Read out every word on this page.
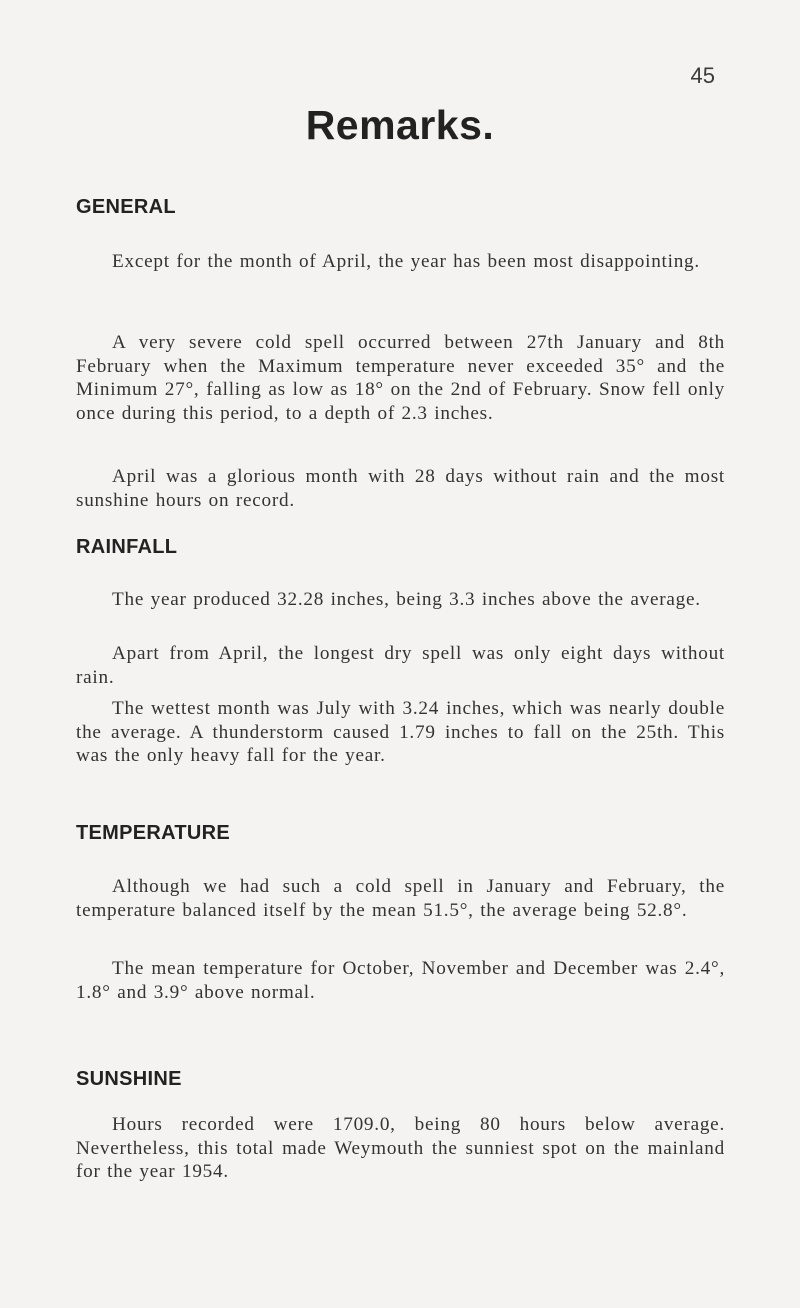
45
Remarks.
GENERAL

Except for the month of April, the year has been most disappointing.

A very severe cold spell occurred between 27th January and 8th February when the Maximum temperature never exceeded 35° and the Minimum 27°, falling as low as 18° on the 2nd of February. Snow fell only once during this period, to a depth of 2.3 inches.

April was a glorious month with 28 days without rain and the most sunshine hours on record.

RAINFALL

The year produced 32.28 inches, being 3.3 inches above the average.

Apart from April, the longest dry spell was only eight days without rain.

The wettest month was July with 3.24 inches, which was nearly double the average. A thunderstorm caused 1.79 inches to fall on the 25th. This was the only heavy fall for the year.

TEMPERATURE

Although we had such a cold spell in January and February, the temperature balanced itself by the mean 51.5°, the average being 52.8°.

The mean temperature for October, November and December was 2.4°, 1.8° and 3.9° above normal.

SUNSHINE

Hours recorded were 1709.0, being 80 hours below average. Nevertheless, this total made Weymouth the sunniest spot on the mainland for the year 1954.
